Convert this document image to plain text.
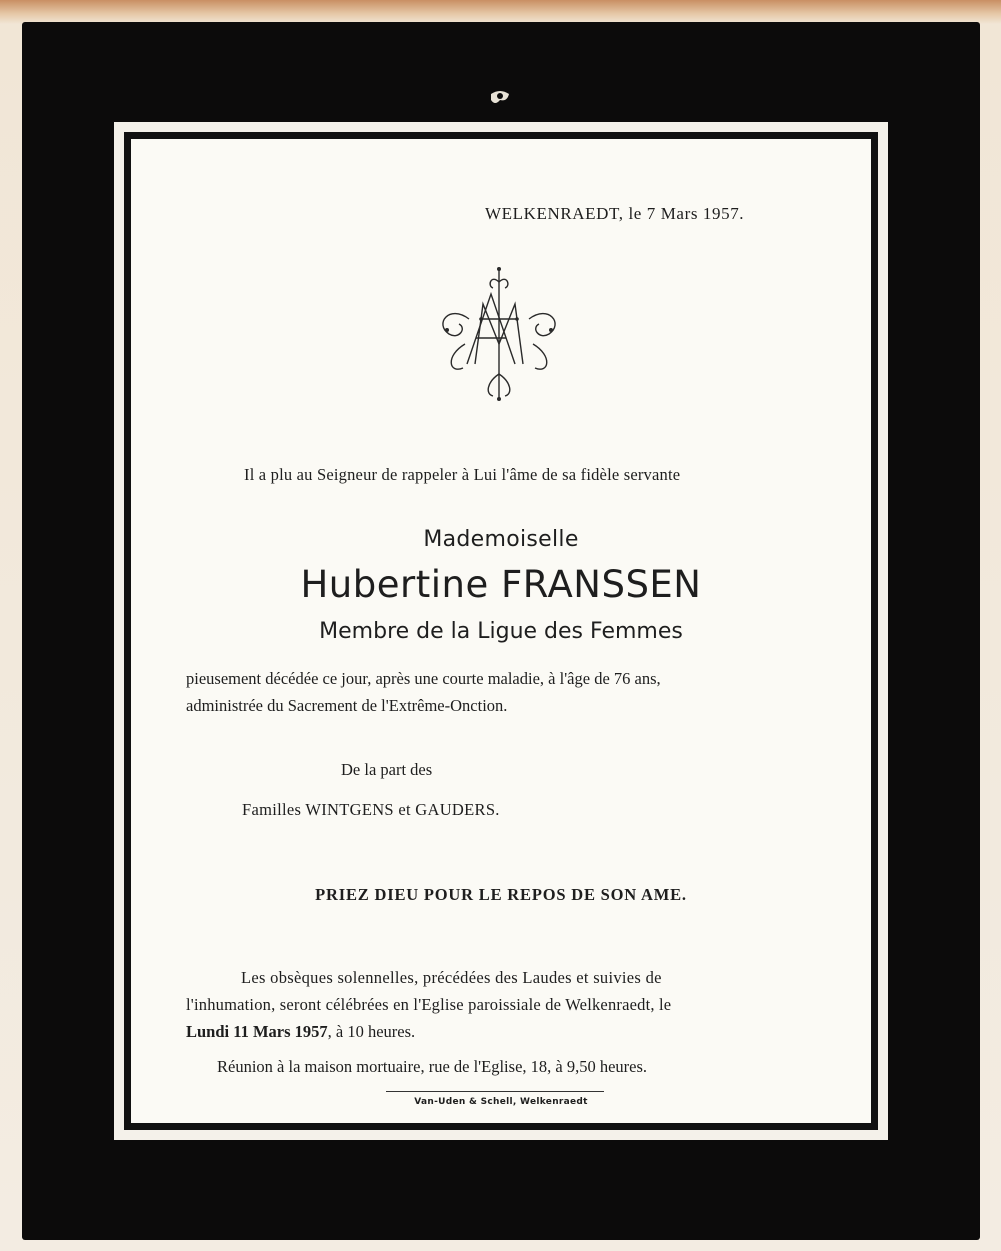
WELKENRAEDT, le 7 Mars 1957.
Il a plu au Seigneur de rappeler à Lui l'âme de sa fidèle servante
Mademoiselle
Hubertine FRANSSEN
Membre de la Ligue des Femmes
pieusement décédée ce jour, après une courte maladie, à l'âge de 76 ans,
administrée du Sacrement de l'Extrême-Onction.
De la part des
Familles WINTGENS et GAUDERS.
PRIEZ DIEU POUR LE REPOS DE SON AME.
Les obsèques solennelles, précédées des Laudes et suivies de
l'inhumation, seront célébrées en l'Eglise paroissiale de Welkenraedt, le
Lundi 11 Mars 1957, à 10 heures.
Réunion à la maison mortuaire, rue de l'Eglise, 18, à 9,50 heures.
Van-Uden & Schell, Welkenraedt
